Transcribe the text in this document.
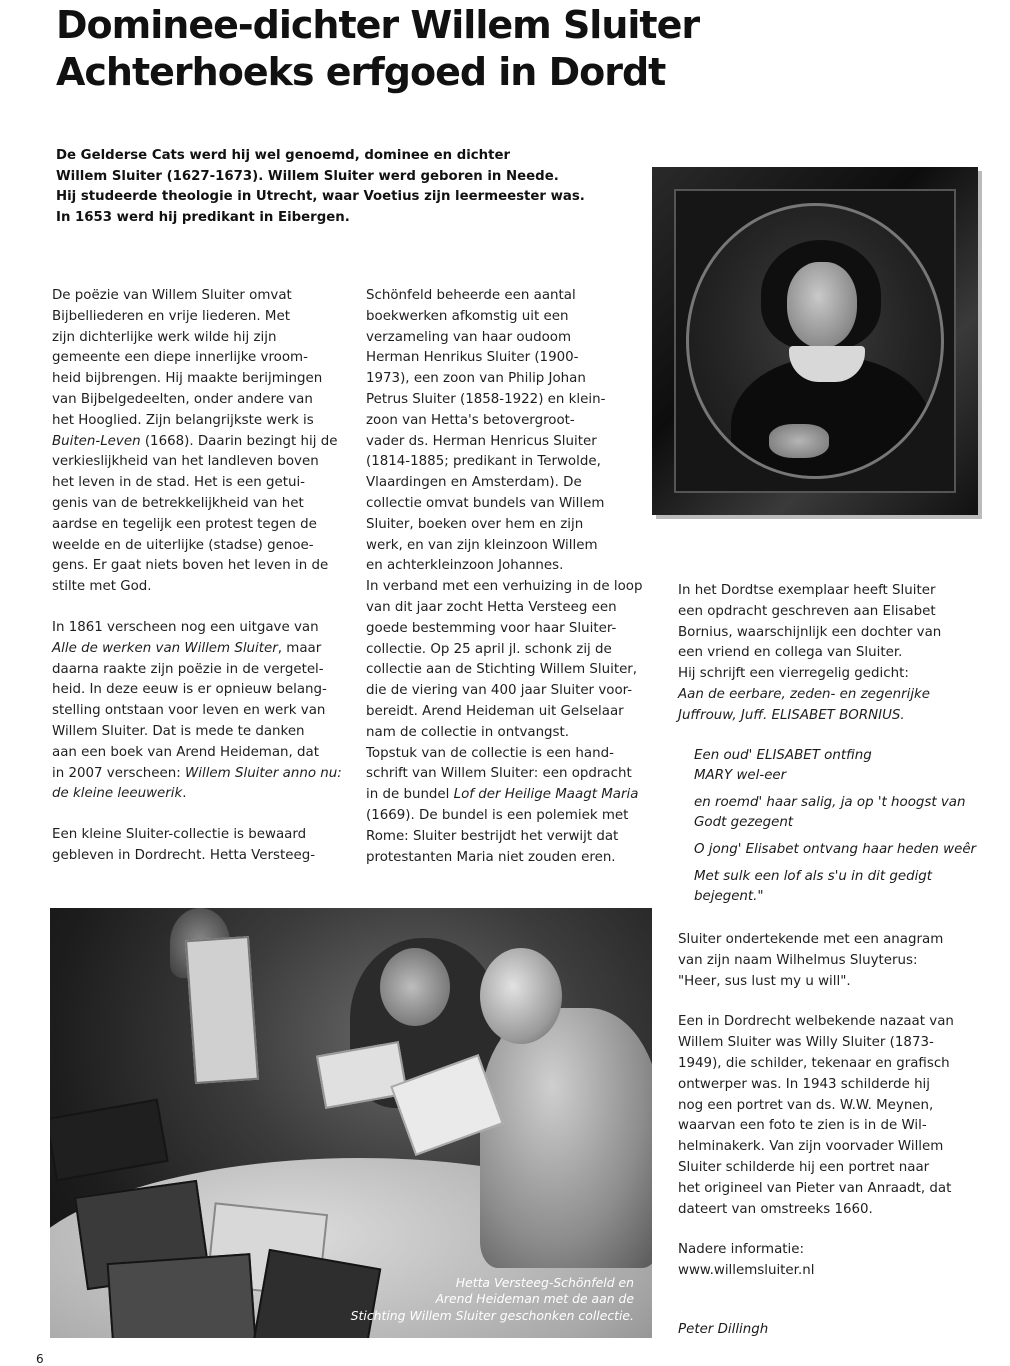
Dominee-dichter Willem Sluiter
Achterhoeks erfgoed in Dordt
De Gelderse Cats werd hij wel genoemd, dominee en dichter
Willem Sluiter (1627-1673). Willem Sluiter werd geboren in Neede.
Hij studeerde theologie in Utrecht, waar Voetius zijn leermeester was.
In 1653 werd hij predikant in Eibergen.

De poëzie van Willem Sluiter omvat
Bijbelliederen en vrije liederen. Met
zijn dichterlijke werk wilde hij zijn
gemeente een diepe innerlijke vroom-
heid bijbrengen. Hij maakte berijmingen
van Bijbelgedeelten, onder andere van
het Hooglied. Zijn belangrijkste werk is
Buiten-Leven (1668). Daarin bezingt hij de
verkieslijkheid van het landleven boven
het leven in de stad. Het is een getui-
genis van de betrekkelijkheid van het
aardse en tegelijk een protest tegen de
weelde en de uiterlijke (stadse) genoe-
gens. Er gaat niets boven het leven in de
stilte met God.

In 1861 verscheen nog een uitgave van
Alle de werken van Willem Sluiter, maar
daarna raakte zijn poëzie in de vergetel-
heid. In deze eeuw is er opnieuw belang-
stelling ontstaan voor leven en werk van
Willem Sluiter. Dat is mede te danken
aan een boek van Arend Heideman, dat
in 2007 verscheen: Willem Sluiter anno nu:
de kleine leeuwerik.

Een kleine Sluiter-collectie is bewaard
gebleven in Dordrecht. Hetta Versteeg-

Schönfeld beheerde een aantal
boekwerken afkomstig uit een
verzameling van haar oudoom
Herman Henrikus Sluiter (1900-
1973), een zoon van Philip Johan
Petrus Sluiter (1858-1922) en klein-
zoon van Hetta's betovergroot-
vader ds. Herman Henricus Sluiter
(1814-1885; predikant in Terwolde,
Vlaardingen en Amsterdam). De
collectie omvat bundels van Willem
Sluiter, boeken over hem en zijn
werk, en van zijn kleinzoon Willem
en achterkleinzoon Johannes.
In verband met een verhuizing in de loop
van dit jaar zocht Hetta Versteeg een
goede bestemming voor haar Sluiter-
collectie. Op 25 april jl. schonk zij de
collectie aan de Stichting Willem Sluiter,
die de viering van 400 jaar Sluiter voor-
bereidt. Arend Heideman uit Gelselaar
nam de collectie in ontvangst.
Topstuk van de collectie is een hand-
schrift van Willem Sluiter: een opdracht
in de bundel Lof der Heilige Maagt Maria
(1669). De bundel is een polemiek met
Rome: Sluiter bestrijdt het verwijt dat
protestanten Maria niet zouden eren.

In het Dordtse exemplaar heeft Sluiter
een opdracht geschreven aan Elisabet
Bornius, waarschijnlijk een dochter van
een vriend en collega van Sluiter.
Hij schrijft een vierregelig gedicht:
Aan de eerbare, zeden- en zegenrijke
Juffrouw, Juff. ELISABET BORNIUS.

Een oud' ELISABET ontfing
MARY wel-eer
en roemd' haar salig, ja op 't hoogst van
Godt gezegent
O jong' Elisabet ontvang haar heden weêr
Met sulk een lof als s'u in dit gedigt
bejegent."

Sluiter ondertekende met een anagram
van zijn naam Wilhelmus Sluyterus:
"Heer, sus lust my u will".

Een in Dordrecht welbekende nazaat van
Willem Sluiter was Willy Sluiter (1873-
1949), die schilder, tekenaar en grafisch
ontwerper was. In 1943 schilderde hij
nog een portret van ds. W.W. Meynen,
waarvan een foto te zien is in de Wil-
helminakerk. Van zijn voorvader Willem
Sluiter schilderde hij een portret naar
het origineel van Pieter van Anraadt, dat
dateert van omstreeks 1660.

Nadere informatie:
www.willemsluiter.nl

Hetta Versteeg-Schönfeld en
Arend Heideman met de aan de
Stichting Willem Sluiter geschonken collectie.
Peter Dillingh
6
